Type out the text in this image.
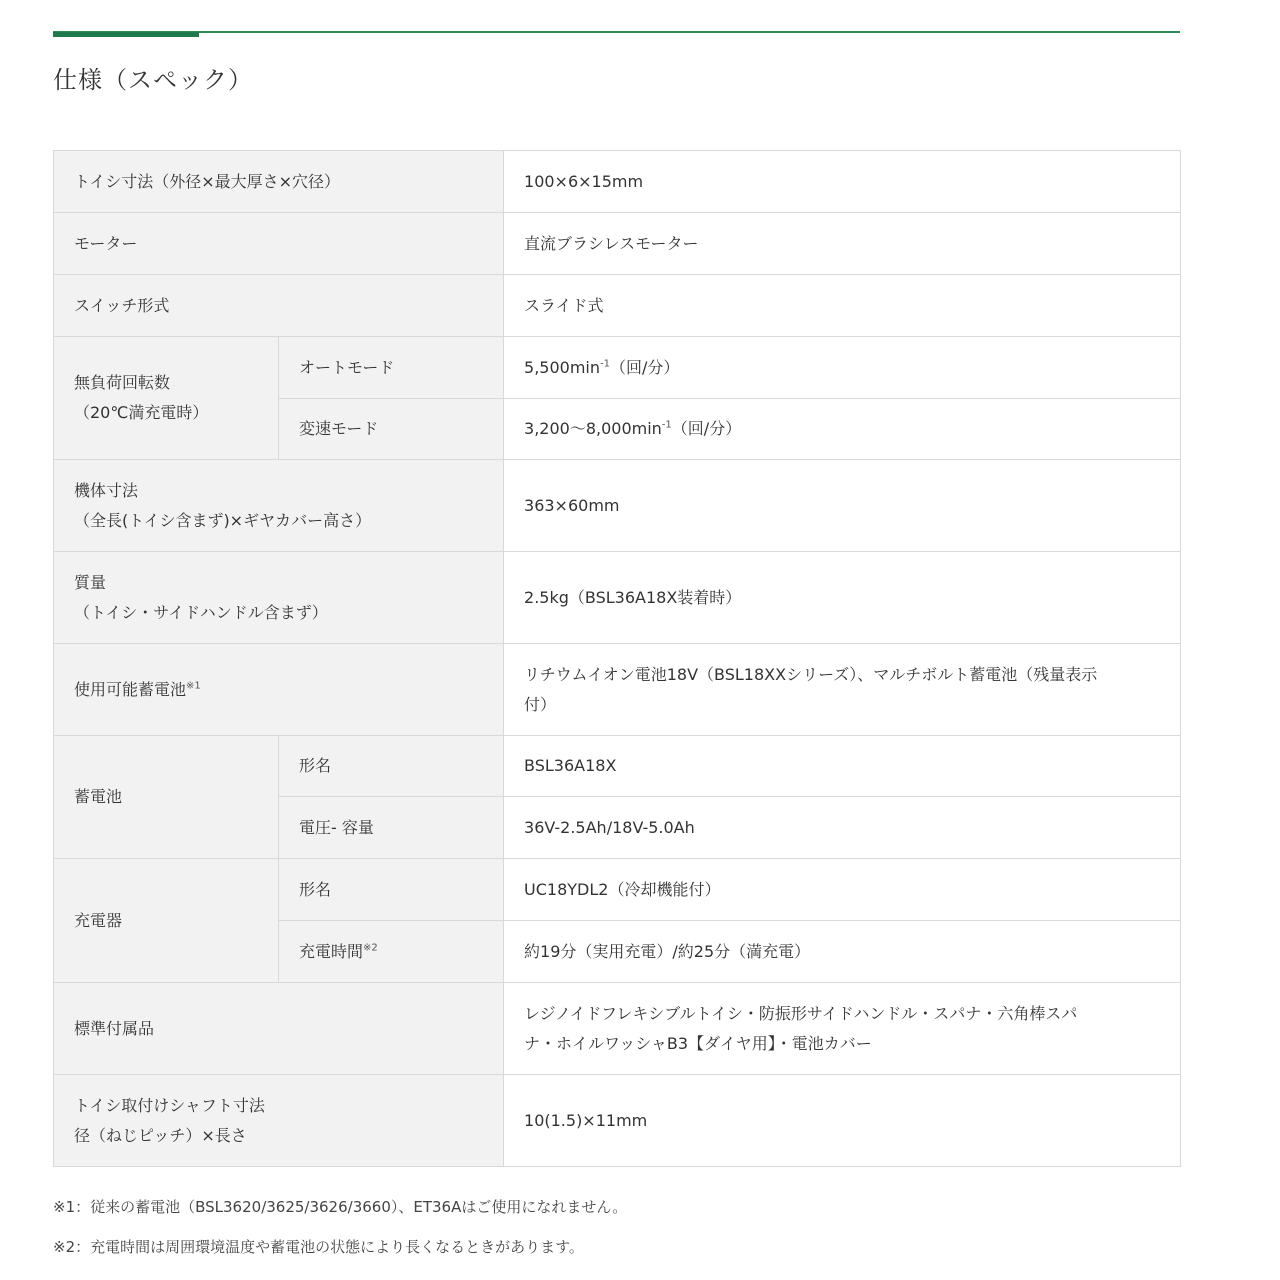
仕様（スペック）
トイシ寸法（外径×最大厚さ×穴径）		100×6×15mm
モーター		直流ブラシレスモーター
スイッチ形式		スライド式

無負荷回転数
（20℃満充電時）	オートモード	$5,500\min^{-1}$（回/分）
	変速モード	$3,200\sim 8,000\min^{-1}$（回/分）

機体寸法
（全長(トイシ含まず)×ギヤカバー高さ）		363×60mm

質量
（トイシ・サイドハンドル含まず）		2.5kg（BSL36A18X装着時）
使用可能蓄電池$^{※1}$		リチウムイオン電池18V（BSL18XXシリーズ）、マルチボルト蓄電池（残量表示
付）

蓄電池	形名	BSL36A18X
	電圧- 容量	36V-2.5Ah/18V-5.0Ah
充電器	形名	UC18YDL2（冷却機能付）
	充電時間$^{※2}$	約19分（実用充電）/約25分（満充電）
標準付属品		レジノイドフレキシブルトイシ・防振形サイドハンドル・スパナ・六角棒スパ
ナ・ホイルワッシャB3【ダイヤ用】・電池カバー

トイシ取付けシャフト寸法
径（ねじピッチ）×長さ		10(1.5)×11mm

※1：従来の蓄電池（BSL3620/3625/3626/3660）、ET36Aはご使用になれません。

※2：充電時間は周囲環境温度や蓄電池の状態により長くなるときがあります。
